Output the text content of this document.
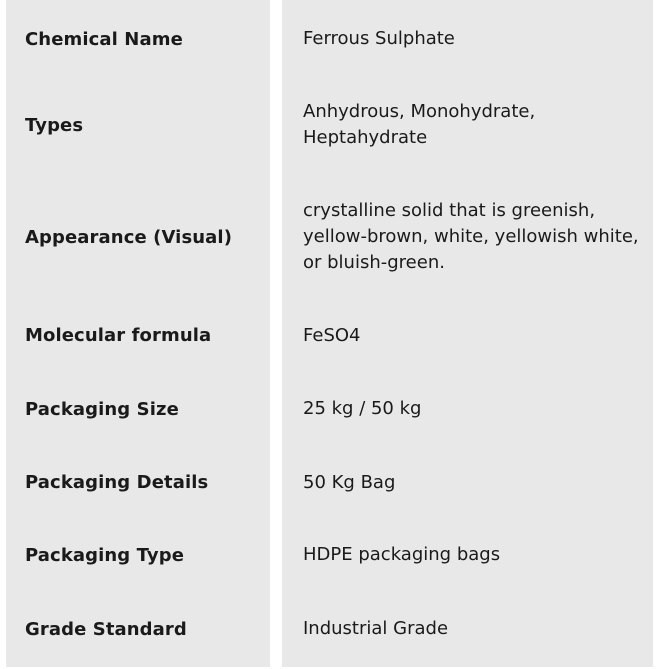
Chemical Name
Types
Appearance (Visual)
Molecular formula
Packaging Size
Packaging Details
Packaging Type
Grade Standard
Ferrous Sulphate
Anhydrous, Monohydrate, Heptahydrate
crystalline solid that is greenish, yellow-brown, white, yellowish white, or bluish-green.
FeSO4
25 kg / 50 kg
50 Kg Bag
HDPE packaging bags
Industrial Grade
